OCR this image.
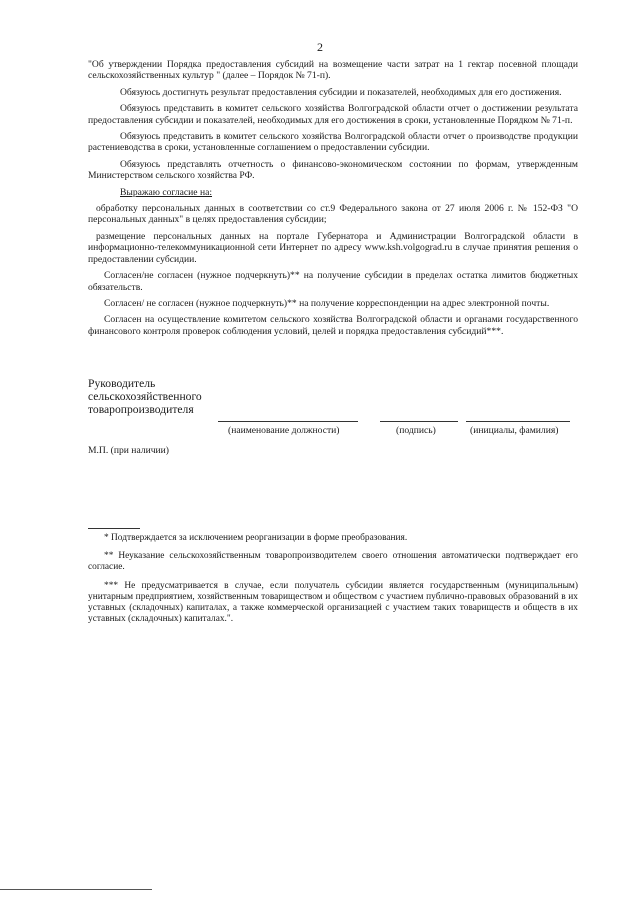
2

"Об утверждении Порядка предоставления субсидий на возмещение части затрат на 1 гектар посевной площади сельскохозяйственных культур " (далее – Порядок № 71-п).

Обязуюсь достигнуть результат предоставления субсидии и показателей, необходимых для его достижения.

Обязуюсь представить в комитет сельского хозяйства Волгоградской области отчет о достижении результата предоставления субсидии и показателей, необходимых для его достижения в сроки, установленные Порядком № 71-п.

Обязуюсь представить в комитет сельского хозяйства Волгоградской области отчет о производстве продукции растениеводства в сроки, установленные соглашением о предоставлении субсидии.

Обязуюсь представлять отчетность о финансово-экономическом состоянии по формам, утвержденным Министерством сельского хозяйства РФ.

Выражаю согласие на:

обработку персональных данных в соответствии со ст.9 Федерального закона от 27 июля 2006 г. № 152-ФЗ "О персональных данных" в целях предоставления субсидии;

размещение персональных данных на портале Губернатора и Администрации Волгоградской области в информационно-телекоммуникационной сети Интернет по адресу www.ksh.volgograd.ru в случае принятия решения о предоставлении субсидии.

Согласен/не согласен (нужное подчеркнуть)** на получение субсидии в пределах остатка лимитов бюджетных обязательств.

Согласен/ не согласен (нужное подчеркнуть)** на получение корреспонденции на адрес электронной почты.

Согласен на осуществление комитетом сельского хозяйства Волгоградской области и органами государственного финансового контроля проверок соблюдения условий, целей и порядка предоставления субсидий***.

Руководитель
сельскохозяйственного
товаропроизводителя
(наименование должности)	(подпись)	(инициалы, фамилия)
М.П. (при наличии)

* Подтверждается за исключением реорганизации в форме преобразования.

** Неуказание сельскохозяйственным товаропроизводителем своего отношения автоматически подтверждает его согласие.

*** Не предусматривается в случае, если получатель субсидии является государственным (муниципальным) унитарным предприятием, хозяйственным товариществом и обществом с участием публично-правовых образований в их уставных (складочных) капиталах, а также коммерческой организацией с участием таких товариществ и обществ в их уставных (складочных) капиталах.".
